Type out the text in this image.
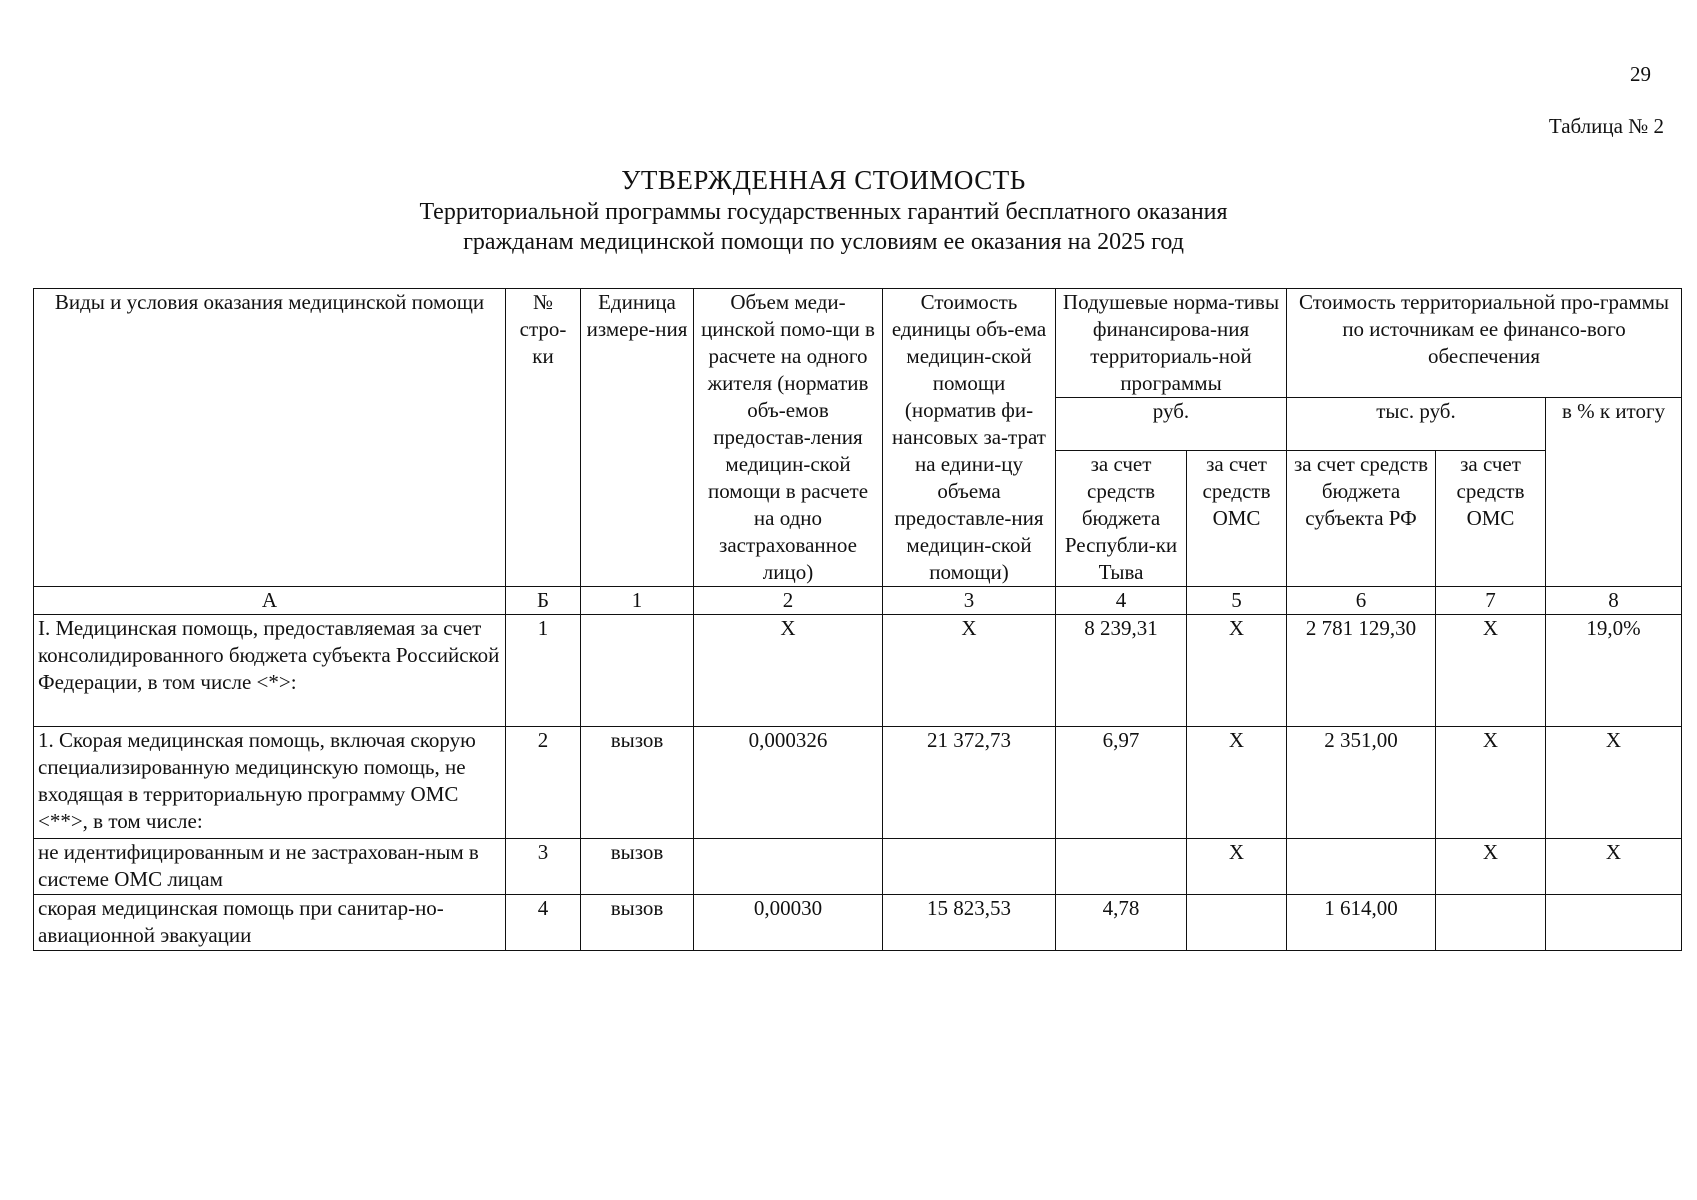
29
Таблица № 2
УТВЕРЖДЕННАЯ СТОИМОСТЬ
Территориальной программы государственных гарантий бесплатного оказания
гражданам медицинской помощи по условиям ее оказания на 2025 год
Виды и условия оказания медицинской помощи	№ стро-ки	Единица измере-ния	Объем меди-цинской помо-щи в расчете на одного жителя (норматив объ-емов предостав-ления медицин-ской помощи в расчете на одно застрахованное лицо)	Стоимость единицы объ-ема медицин-ской помощи (норматив фи-нансовых за-трат на едини-цу объема предоставле-ния медицин-ской помощи)	Подушевые норма-тивы финансирова-ния территориаль-ной программы		Стоимость территориальной про-граммы по источникам ее финансо-вого обеспечения		
					руб.		тыс. руб.		в % к итогу
					за счет средств бюджета Республи-ки Тыва	за счет средств ОМС	за счет средств бюджета субъекта РФ	за счет средств ОМС	
А	Б	1	2	3	4	5	6	7	8
I. Медицинская помощь, предоставляемая за счет консолидированного бюджета субъекта Российской Федерации, в том числе <*>:	1		X	X	8 239,31	X	2 781 129,30	X	19,0%
1. Скорая медицинская помощь, включая скорую специализированную медицинскую помощь, не входящая в территориальную программу ОМС <**>, в том числе:	2	вызов	0,000326	21 372,73	6,97	X	2 351,00	X	X
не идентифицированным и не застрахован-ным в системе ОМС лицам	3	вызов				X		X	X
скорая медицинская помощь при санитар-но-авиационной эвакуации	4	вызов	0,00030	15 823,53	4,78		1 614,00		
